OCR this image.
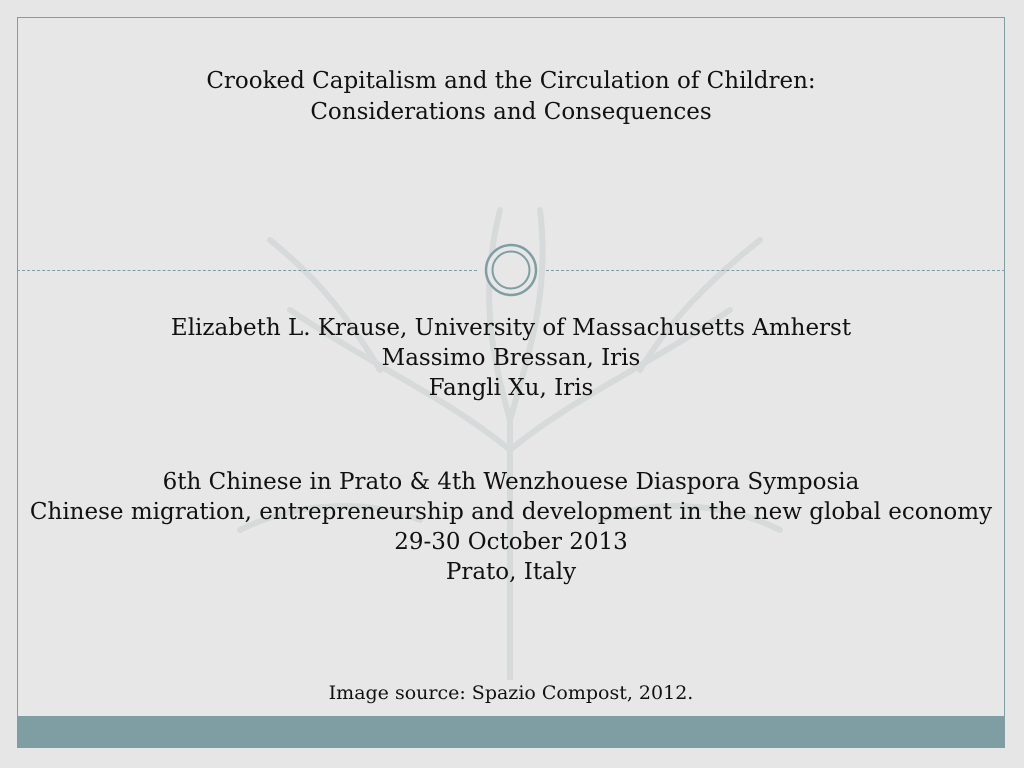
Crooked Capitalism and the Circulation of Children:
Considerations and Consequences
Elizabeth L. Krause, University of Massachusetts Amherst
Massimo Bressan, Iris
Fangli Xu, Iris
6th Chinese in Prato & 4th Wenzhouese Diaspora Symposia
Chinese migration, entrepreneurship and development in the new global economy
29-30 October 2013
Prato, Italy
Image source: Spazio Compost, 2012.
